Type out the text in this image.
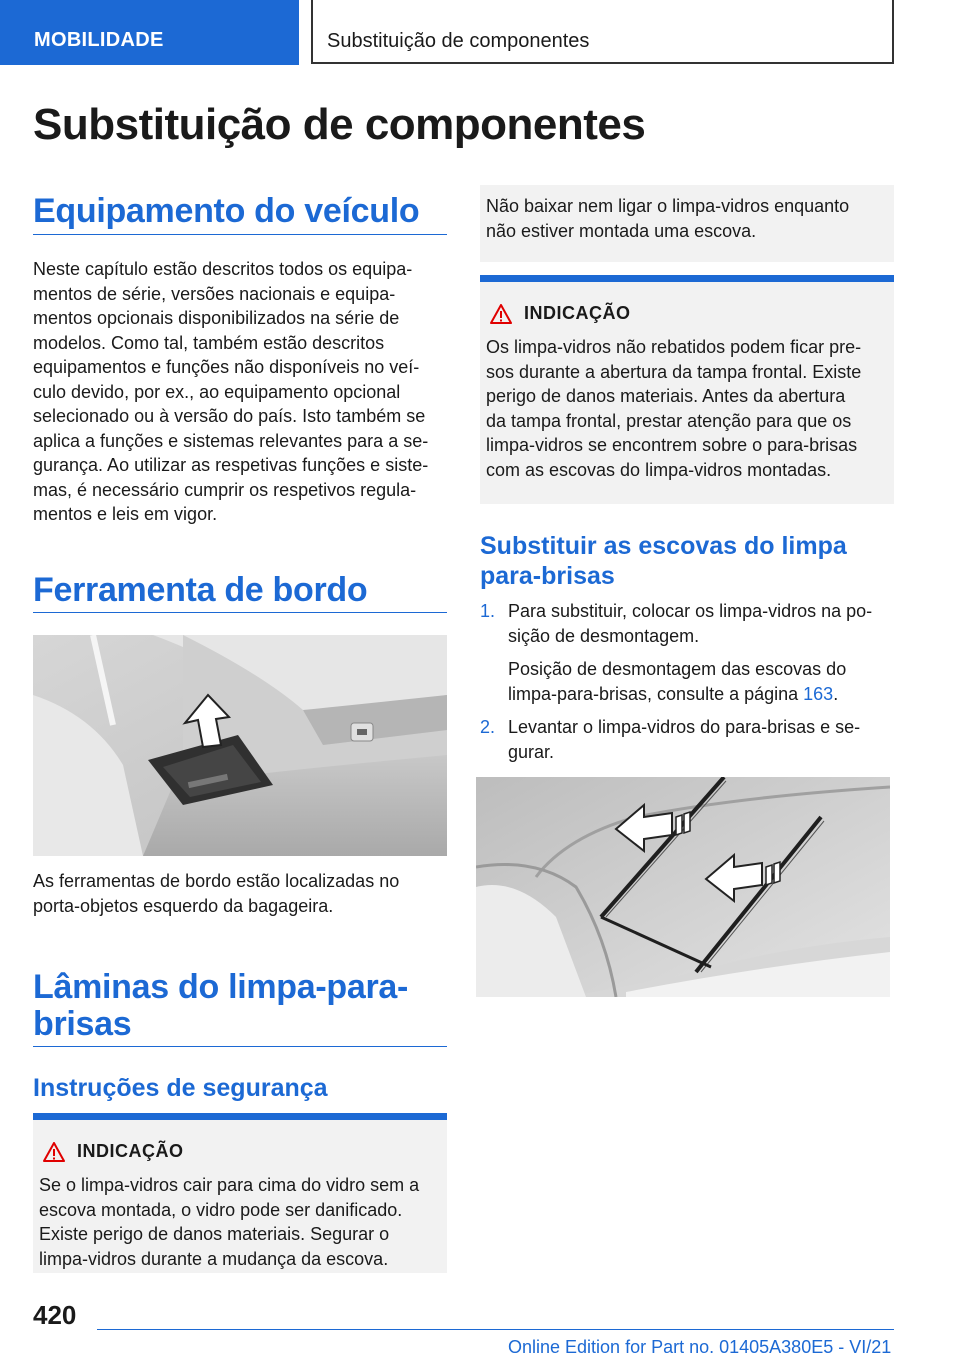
MOBILIDADE	Substituição de componentes
Substituição de componentes
Equipamento do veículo
Neste capítulo estão descritos todos os equipa‐
mentos de série, versões nacionais e equipa‐
mentos opcionais disponibilizados na série de
modelos. Como tal, também estão descritos
equipamentos e funções não disponíveis no veí‐
culo devido, por ex., ao equipamento opcional
selecionado ou à versão do país. Isto também se
aplica a funções e sistemas relevantes para a se‐
gurança. Ao utilizar as respetivas funções e siste‐
mas, é necessário cumprir os respetivos regula‐
mentos e leis em vigor.
Ferramenta de bordo
As ferramentas de bordo estão localizadas no
porta-objetos esquerdo da bagageira.
Lâminas do limpa-para-
brisas
Instruções de segurança
INDICAÇÃO
Se o limpa-vidros cair para cima do vidro sem a
escova montada, o vidro pode ser danificado.
Existe perigo de danos materiais. Segurar o
limpa-vidros durante a mudança da escova.
Não baixar nem ligar o limpa-vidros enquanto
não estiver montada uma escova.
INDICAÇÃO
Os limpa-vidros não rebatidos podem ficar pre‐
sos durante a abertura da tampa frontal. Existe
perigo de danos materiais. Antes da abertura
da tampa frontal, prestar atenção para que os
limpa-vidros se encontrem sobre o para-brisas
com as escovas do limpa-vidros montadas.
Substituir as escovas do limpa
para-brisas
1. Para substituir, colocar os limpa-vidros na po‐
sição de desmontagem.
Posição de desmontagem das escovas do
limpa-para-brisas, consulte a página 163.
2. Levantar o limpa-vidros do para-brisas e se‐
gurar.
420
Online Edition for Part no. 01405A380E5 - VI/21
